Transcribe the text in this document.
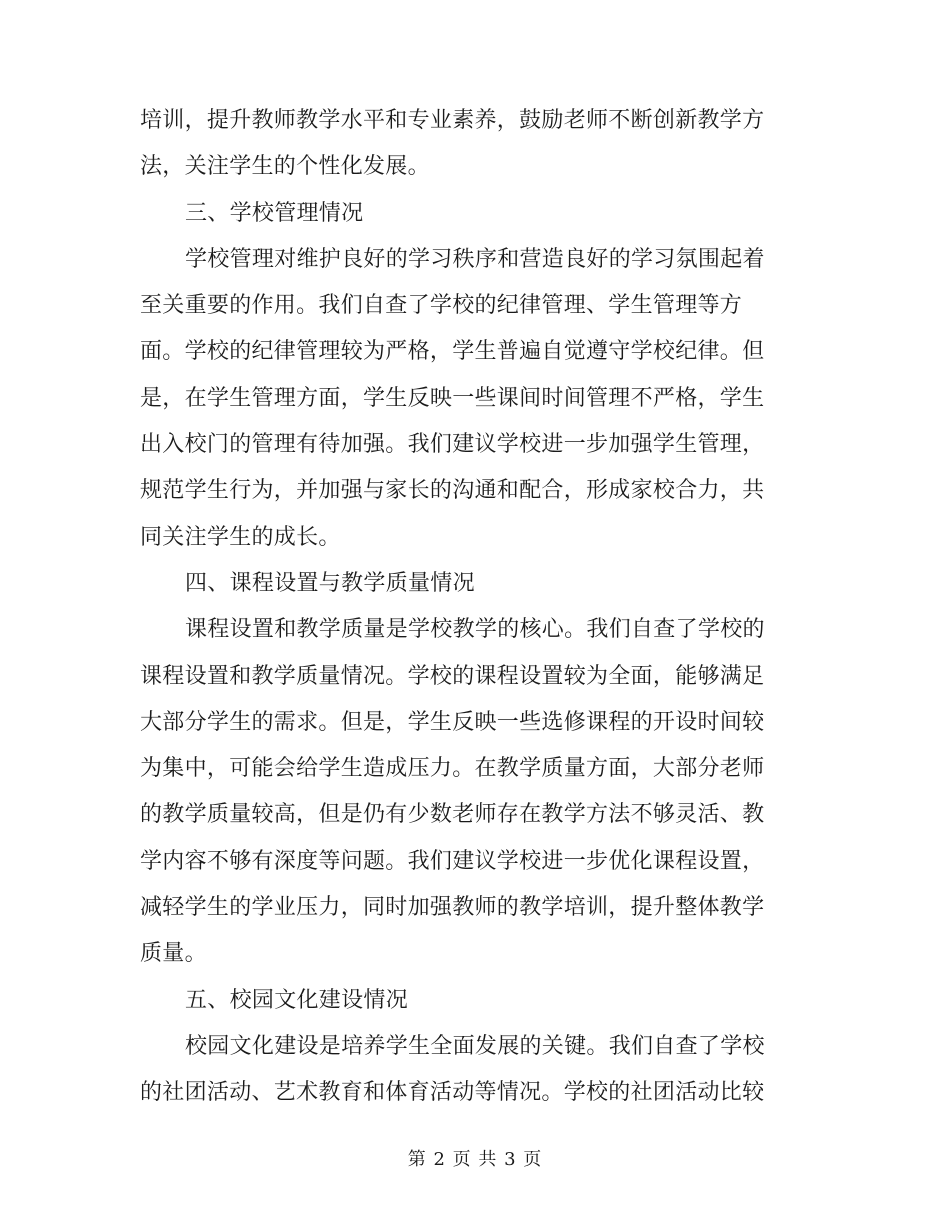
培训，提升教师教学水平和专业素养，鼓励老师不断创新教学方
法，关注学生的个性化发展。
三、学校管理情况
学校管理对维护良好的学习秩序和营造良好的学习氛围起着
至关重要的作用。我们自查了学校的纪律管理、学生管理等方
面。学校的纪律管理较为严格，学生普遍自觉遵守学校纪律。但
是，在学生管理方面，学生反映一些课间时间管理不严格，学生
出入校门的管理有待加强。我们建议学校进一步加强学生管理，
规范学生行为，并加强与家长的沟通和配合，形成家校合力，共
同关注学生的成长。
四、课程设置与教学质量情况
课程设置和教学质量是学校教学的核心。我们自查了学校的
课程设置和教学质量情况。学校的课程设置较为全面，能够满足
大部分学生的需求。但是，学生反映一些选修课程的开设时间较
为集中，可能会给学生造成压力。在教学质量方面，大部分老师
的教学质量较高，但是仍有少数老师存在教学方法不够灵活、教
学内容不够有深度等问题。我们建议学校进一步优化课程设置，
减轻学生的学业压力，同时加强教师的教学培训，提升整体教学
质量。
五、校园文化建设情况
校园文化建设是培养学生全面发展的关键。我们自查了学校
的社团活动、艺术教育和体育活动等情况。学校的社团活动比较
第 2 页 共 3 页
